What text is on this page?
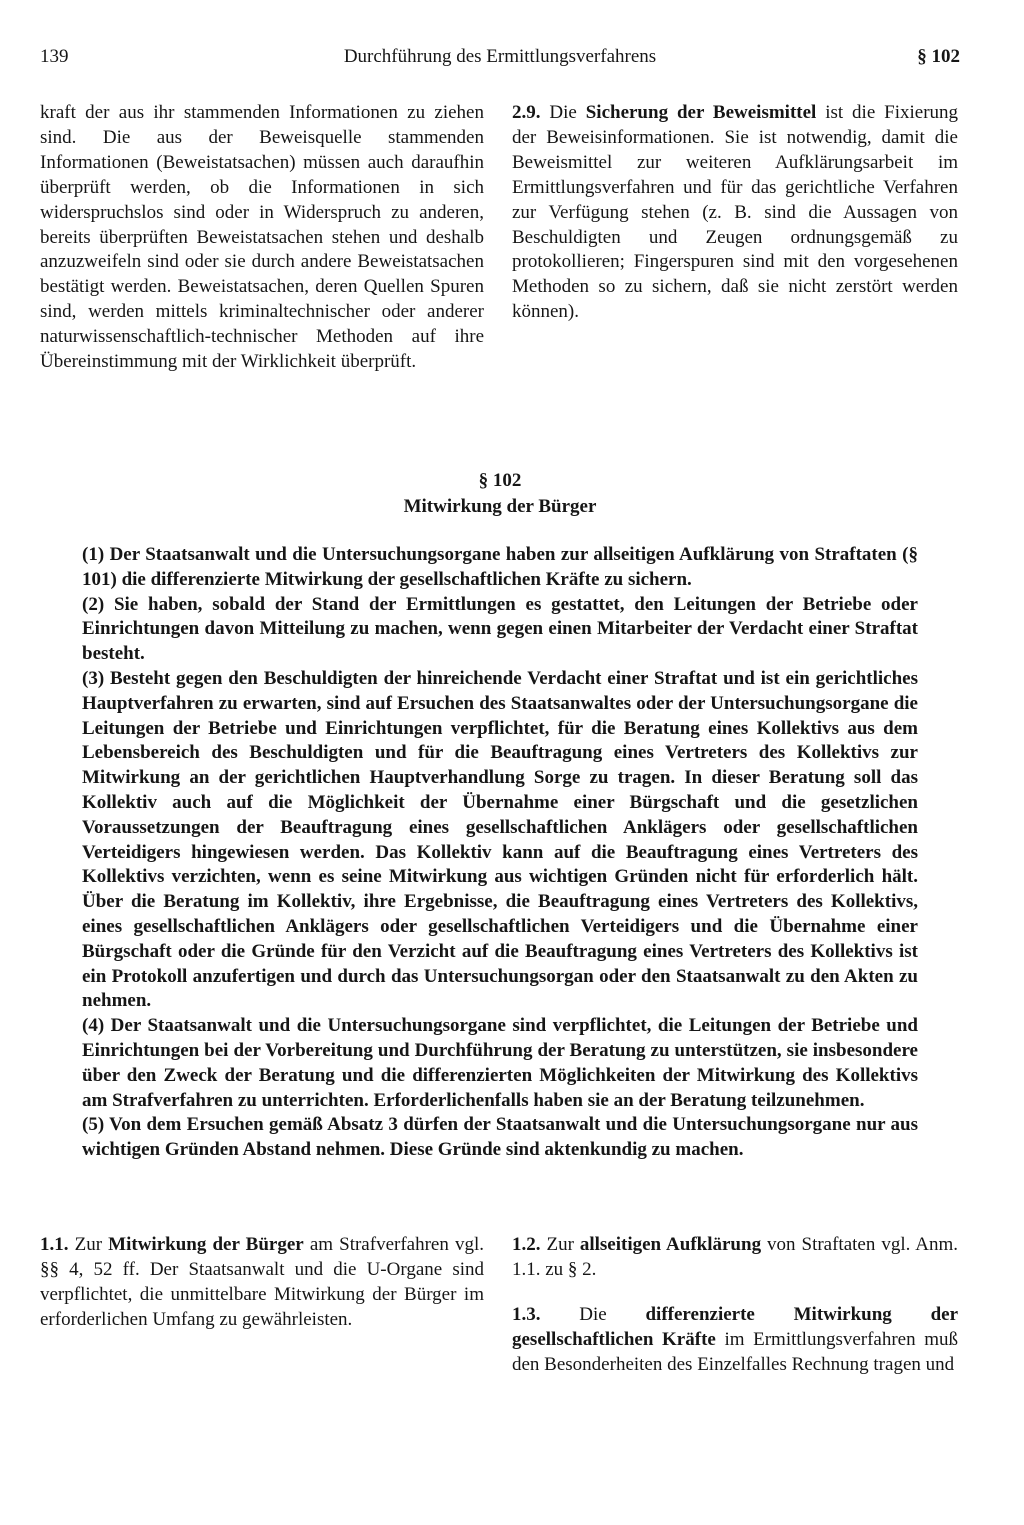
139	Durchführung des Ermittlungsverfahrens	§ 102

kraft der aus ihr stammenden Informationen zu ziehen sind. Die aus der Beweisquelle stammenden Informationen (Beweistatsachen) müssen auch daraufhin überprüft werden, ob die Informationen in sich widerspruchslos sind oder in Widerspruch zu anderen, bereits überprüften Beweistatsachen stehen und deshalb anzuzweifeln sind oder sie durch andere Beweistatsachen bestätigt werden. Beweistatsachen, deren Quellen Spuren sind, werden mittels kriminaltechnischer oder anderer naturwissenschaftlich-technischer Methoden auf ihre Übereinstimmung mit der Wirklichkeit überprüft.

2.9. Die Sicherung der Beweismittel ist die Fixierung der Beweisinformationen. Sie ist notwendig, damit die Beweismittel zur weiteren Aufklärungsarbeit im Ermittlungsverfahren und für das gerichtliche Verfahren zur Verfügung stehen (z. B. sind die Aussagen von Beschuldigten und Zeugen ordnungsgemäß zu protokollieren; Fingerspuren sind mit den vorgesehenen Methoden so zu sichern, daß sie nicht zerstört werden können).

§ 102
Mitwirkung der Bürger

(1) Der Staatsanwalt und die Untersuchungsorgane haben zur allseitigen Aufklärung von Straftaten (§ 101) die differenzierte Mitwirkung der gesellschaftlichen Kräfte zu sichern.

(2) Sie haben, sobald der Stand der Ermittlungen es gestattet, den Leitungen der Betriebe oder Einrichtungen davon Mitteilung zu machen, wenn gegen einen Mitarbeiter der Verdacht einer Straftat besteht.

(3) Besteht gegen den Beschuldigten der hinreichende Verdacht einer Straftat und ist ein gerichtliches Hauptverfahren zu erwarten, sind auf Ersuchen des Staatsanwaltes oder der Untersuchungsorgane die Leitungen der Betriebe und Einrichtungen verpflichtet, für die Beratung eines Kollektivs aus dem Lebensbereich des Beschuldigten und für die Beauftragung eines Vertreters des Kollektivs zur Mitwirkung an der gerichtlichen Hauptverhandlung Sorge zu tragen. In dieser Beratung soll das Kollektiv auch auf die Möglichkeit der Übernahme einer Bürgschaft und die gesetzlichen Voraussetzungen der Beauftragung eines gesellschaftlichen Anklägers oder gesellschaftlichen Verteidigers hingewiesen werden. Das Kollektiv kann auf die Beauftragung eines Vertreters des Kollektivs verzichten, wenn es seine Mitwirkung aus wichtigen Gründen nicht für erforderlich hält. Über die Beratung im Kollektiv, ihre Ergebnisse, die Beauftragung eines Vertreters des Kollektivs, eines gesellschaftlichen Anklägers oder gesellschaftlichen Verteidigers und die Übernahme einer Bürgschaft oder die Gründe für den Verzicht auf die Beauftragung eines Vertreters des Kollektivs ist ein Protokoll anzufertigen und durch das Untersuchungsorgan oder den Staatsanwalt zu den Akten zu nehmen.

(4) Der Staatsanwalt und die Untersuchungsorgane sind verpflichtet, die Leitungen der Betriebe und Einrichtungen bei der Vorbereitung und Durchführung der Beratung zu unterstützen, sie insbesondere über den Zweck der Beratung und die differenzierten Möglichkeiten der Mitwirkung des Kollektivs am Strafverfahren zu unterrichten. Erforderlichenfalls haben sie an der Beratung teilzunehmen.

(5) Von dem Ersuchen gemäß Absatz 3 dürfen der Staatsanwalt und die Untersuchungsorgane nur aus wichtigen Gründen Abstand nehmen. Diese Gründe sind aktenkundig zu machen.

1.1. Zur Mitwirkung der Bürger am Strafverfahren vgl. §§ 4, 52 ff. Der Staatsanwalt und die U-Organe sind verpflichtet, die unmittelbare Mitwirkung der Bürger im erforderlichen Umfang zu gewährleisten.

1.2. Zur allseitigen Aufklärung von Straftaten vgl. Anm. 1.1. zu § 2.

1.3. Die differenzierte Mitwirkung der gesellschaftlichen Kräfte im Ermittlungsverfahren muß den Besonderheiten des Einzelfalles Rechnung tragen und
